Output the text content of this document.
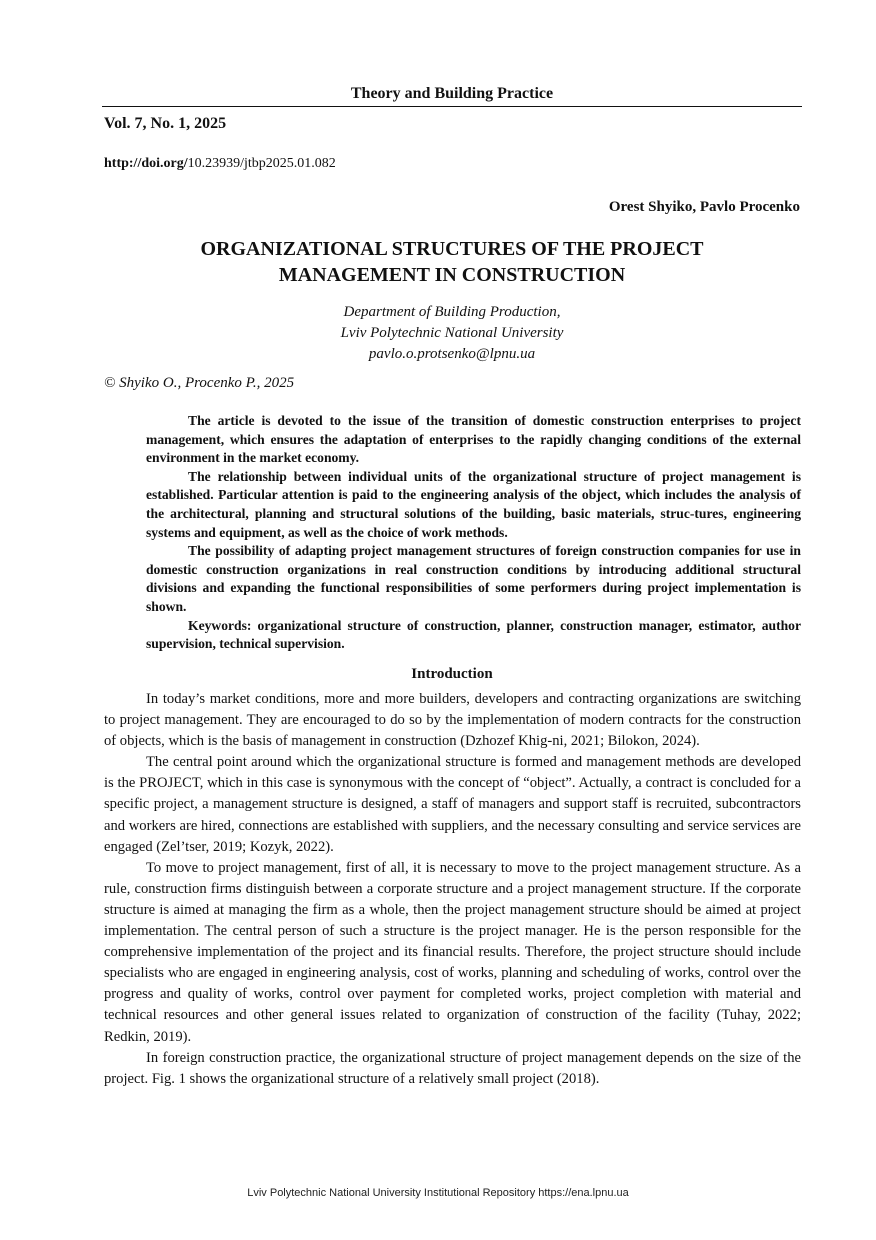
Theory and Building Practice
Vol. 7, No. 1, 2025
http://doi.org/10.23939/jtbp2025.01.082
Orest Shyiko, Pavlo Procenko
ORGANIZATIONAL STRUCTURES OF THE PROJECT
MANAGEMENT IN CONSTRUCTION
Department of Building Production,
Lviv Polytechnic National University
pavlo.o.protsenko@lpnu.ua
© Shyiko O., Procenko P., 2025

The article is devoted to the issue of the transition of domestic construction enterprises to project management, which ensures the adaptation of enterprises to the rapidly changing conditions of the external environment in the market economy.

The relationship between individual units of the organizational structure of project management is established. Particular attention is paid to the engineering analysis of the object, which includes the analysis of the architectural, planning and structural solutions of the building, basic materials, struc-tures, engineering systems and equipment, as well as the choice of work methods.

The possibility of adapting project management structures of foreign construction companies for use in domestic construction organizations in real construction conditions by introducing additional structural divisions and expanding the functional responsibilities of some performers during project implementation is shown.

Keywords: organizational structure of construction, planner, construction manager, estimator, author supervision, technical supervision.

Introduction

In today’s market conditions, more and more builders, developers and contracting organizations are switching to project management. They are encouraged to do so by the implementation of modern contracts for the construction of objects, which is the basis of management in construction (Dzhozef Khig-ni, 2021; Bilokon, 2024).

The central point around which the organizational structure is formed and management methods are developed is the PROJECT, which in this case is synonymous with the concept of “object”. Actually, a contract is concluded for a specific project, a management structure is designed, a staff of managers and support staff is recruited, subcontractors and workers are hired, connections are established with suppliers, and the necessary consulting and service services are engaged (Zel’tser, 2019; Kozyk, 2022).

To move to project management, first of all, it is necessary to move to the project management structure. As a rule, construction firms distinguish between a corporate structure and a project management structure. If the corporate structure is aimed at managing the firm as a whole, then the project management structure should be aimed at project implementation. The central person of such a structure is the project manager. He is the person responsible for the comprehensive implementation of the project and its financial results. Therefore, the project structure should include specialists who are engaged in engineering analysis, cost of works, planning and scheduling of works, control over the progress and quality of works, control over payment for completed works, project completion with material and technical resources and other general issues related to organization of construction of the facility (Tuhay, 2022; Redkin, 2019).

In foreign construction practice, the organizational structure of project management depends on the size of the project. Fig. 1 shows the organizational structure of a relatively small project (2018).

Lviv Polytechnic National University Institutional Repository https://ena.lpnu.ua
